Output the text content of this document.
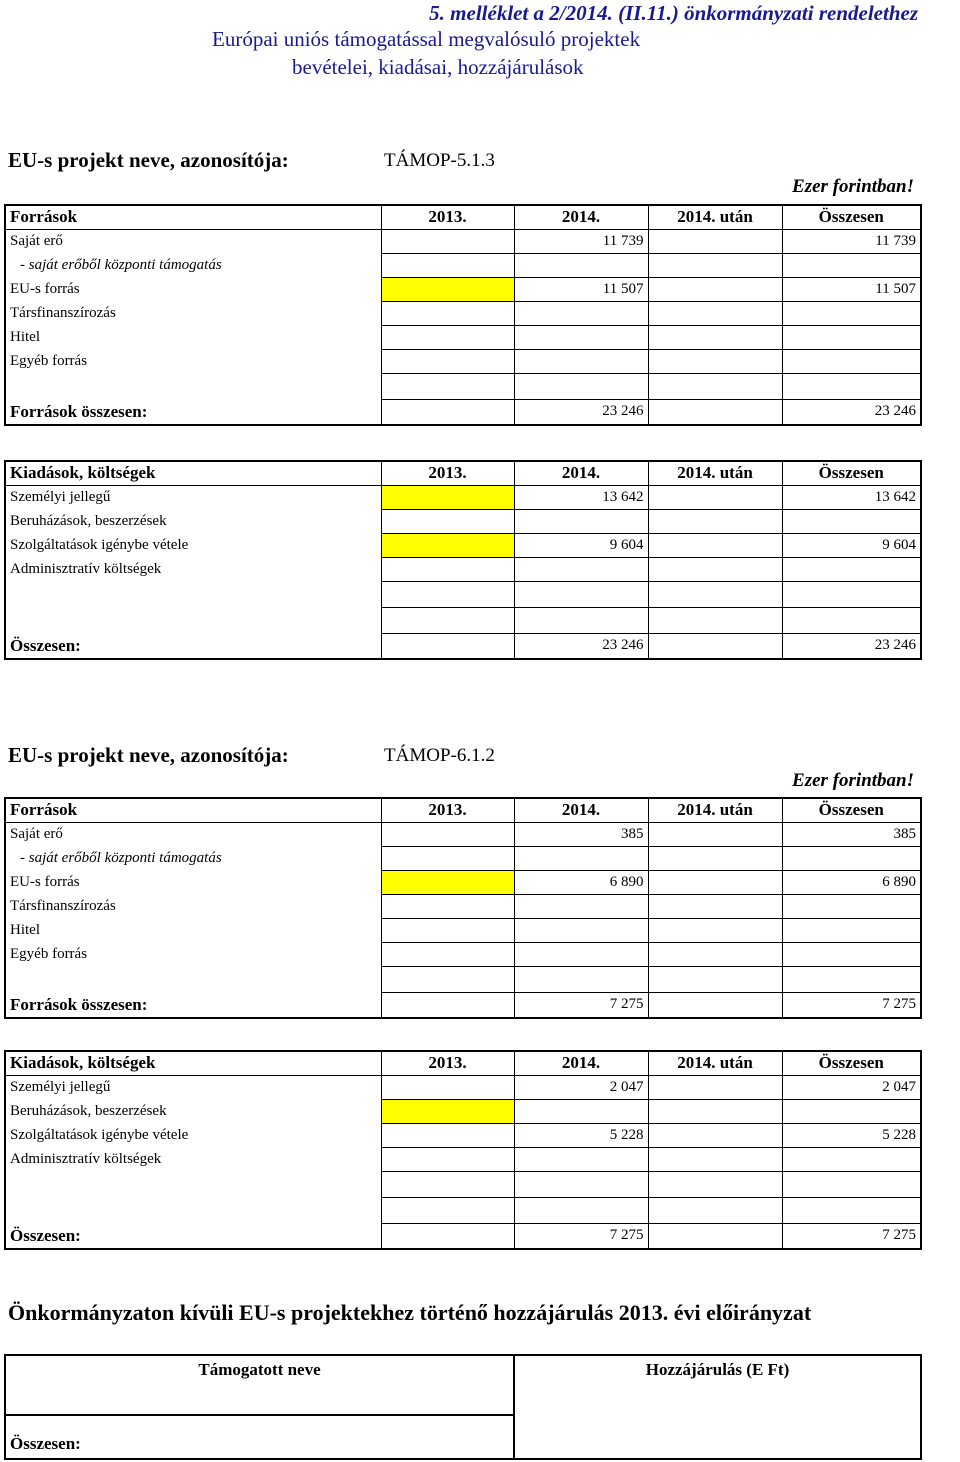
5. melléklet a 2/2014. (II.11.) önkormányzati rendelethez
Európai uniós támogatással megvalósuló projektek
bevételei, kiadásai, hozzájárulások
EU-s projekt neve, azonosítója:	TÁMOP-5.1.3
Ezer forintban!
Források	2013.	2014.	2014. után	Összesen
Saját erő		11 739		11 739
- saját erőből központi támogatás				
EU-s forrás		11 507		11 507
Társfinanszírozás				
Hitel				
Egyéb forrás				

Források összesen:		23 246		23 246
Kiadások, költségek	2013.	2014.	2014. után	Összesen
Személyi jellegű		13 642		13 642
Beruházások, beszerzések				
Szolgáltatások igénybe vétele		9 604		9 604
Adminisztratív költségek				

Összesen:		23 246		23 246
EU-s projekt neve, azonosítója:	TÁMOP-6.1.2
Ezer forintban!
Források	2013.	2014.	2014. után	Összesen
Saját erő		385		385
- saját erőből központi támogatás				
EU-s forrás		6 890		6 890
Társfinanszírozás				
Hitel				
Egyéb forrás				

Források összesen:		7 275		7 275
Kiadások, költségek	2013.	2014.	2014. után	Összesen
Személyi jellegű		2 047		2 047
Beruházások, beszerzések				
Szolgáltatások igénybe vétele		5 228		5 228
Adminisztratív költségek				

Összesen:		7 275		7 275
Önkormányzaton kívüli EU-s projektekhez történő hozzájárulás 2013. évi előirányzat
Támogatott neve	Hozzájárulás (E Ft)

Összesen:
